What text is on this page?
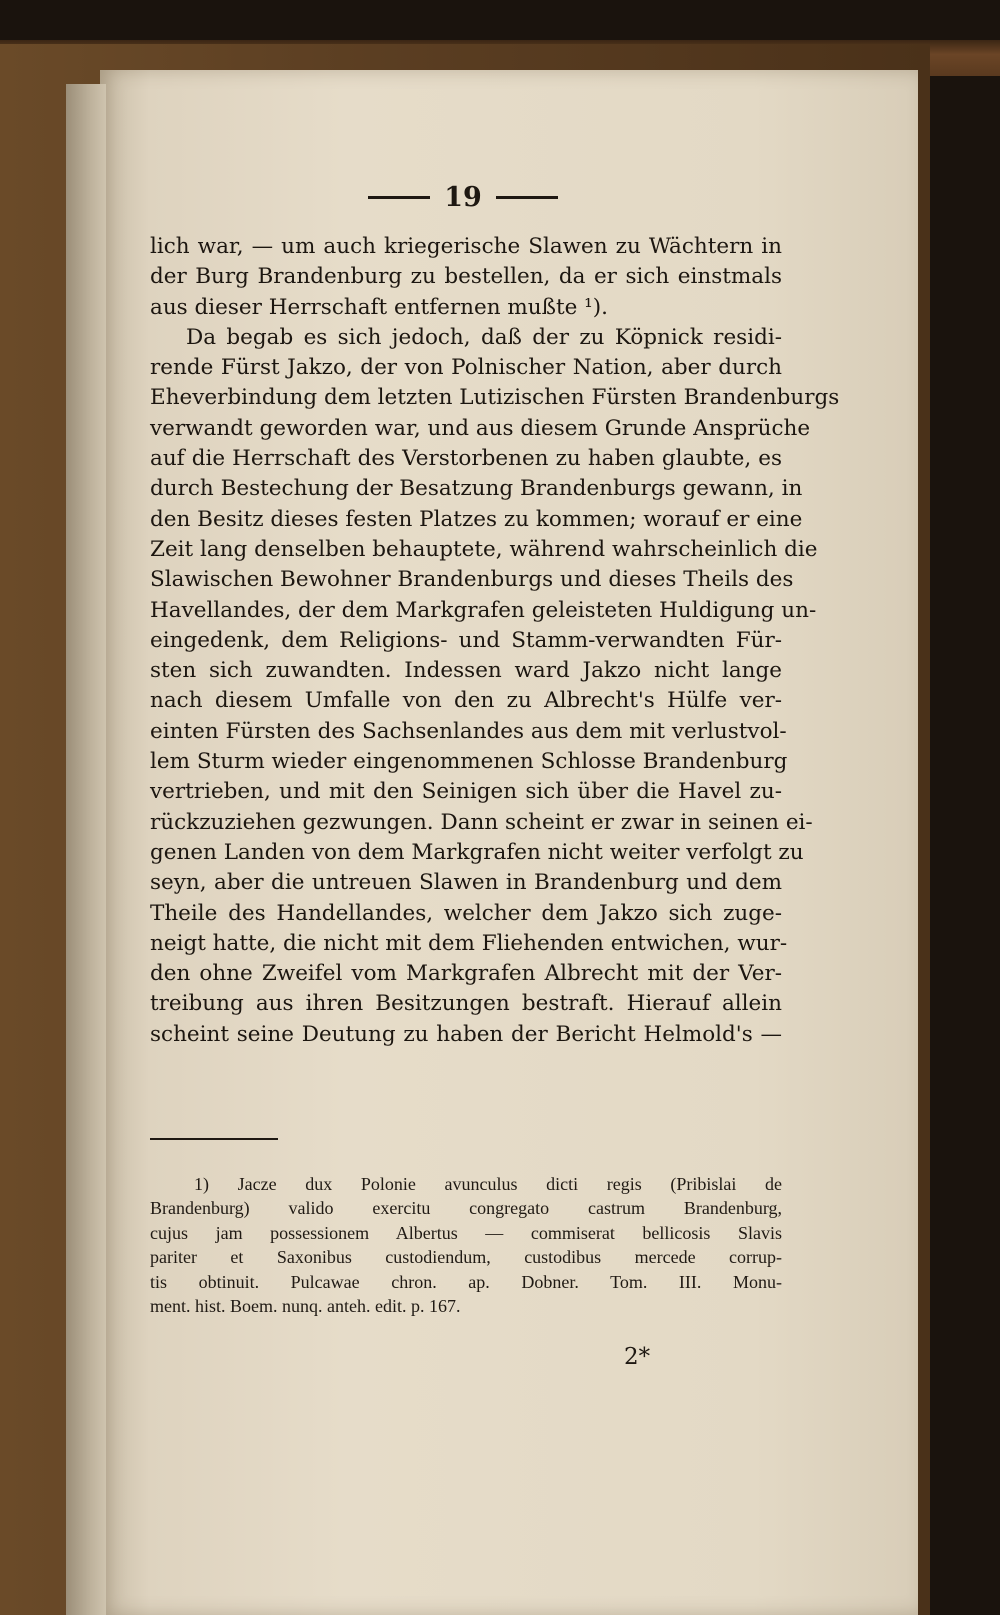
19
lich war, — um auch kriegerische Slawen zu Wächtern in
der Burg Brandenburg zu bestellen, da er sich einstmals
aus dieser Herrschaft entfernen mußte ¹).
Da begab es sich jedoch, daß der zu Köpnick residi-
rende Fürst Jakzo, der von Polnischer Nation, aber durch
Eheverbindung dem letzten Lutizischen Fürsten Brandenburgs
verwandt geworden war, und aus diesem Grunde Ansprüche
auf die Herrschaft des Verstorbenen zu haben glaubte, es
durch Bestechung der Besatzung Brandenburgs gewann, in
den Besitz dieses festen Platzes zu kommen; worauf er eine
Zeit lang denselben behauptete, während wahrscheinlich die
Slawischen Bewohner Brandenburgs und dieses Theils des
Havellandes, der dem Markgrafen geleisteten Huldigung un-
eingedenk, dem Religions- und Stamm-verwandten Für-
sten sich zuwandten. Indessen ward Jakzo nicht lange
nach diesem Umfalle von den zu Albrecht's Hülfe ver-
einten Fürsten des Sachsenlandes aus dem mit verlustvol-
lem Sturm wieder eingenommenen Schlosse Brandenburg
vertrieben, und mit den Seinigen sich über die Havel zu-
rückzuziehen gezwungen. Dann scheint er zwar in seinen ei-
genen Landen von dem Markgrafen nicht weiter verfolgt zu
seyn, aber die untreuen Slawen in Brandenburg und dem
Theile des Handellandes, welcher dem Jakzo sich zuge-
neigt hatte, die nicht mit dem Fliehenden entwichen, wur-
den ohne Zweifel vom Markgrafen Albrecht mit der Ver-
treibung aus ihren Besitzungen bestraft. Hierauf allein
scheint seine Deutung zu haben der Bericht Helmold's —
1) Jacze dux Polonie avunculus dicti regis (Pribislai de
Brandenburg) valido exercitu congregato castrum Brandenburg,
cujus jam possessionem Albertus — commiserat bellicosis Slavis
pariter et Saxonibus custodiendum, custodibus mercede corrup-
tis obtinuit. Pulcawae chron. ap. Dobner. Tom. III. Monu-
ment. hist. Boem. nunq. anteh. edit. p. 167.
2*
